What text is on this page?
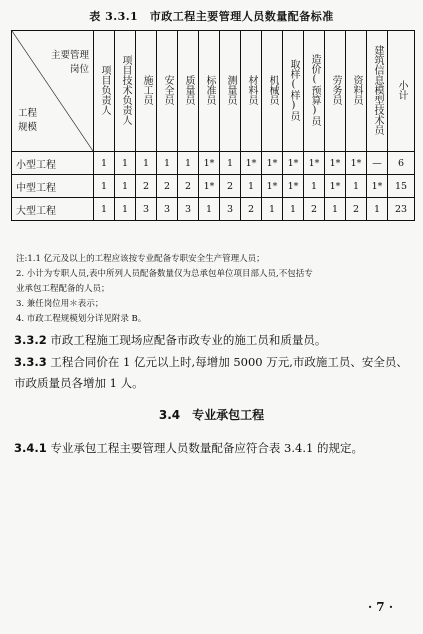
表 3.3.1　市政工程主要管理人员数量配备标准
主要管理
岗位
工程
规模	项目负责人	项目技术负责人	施工员	安全员	质量员	标准员	测量员	材料员	机械员	取样(样)员	造价(预算)员	劳务员	资料员	建筑信息模型技术员	小计
小型工程	1	1	1	1	1	1*	1	1*	1*	1*	1*	1*	1*	—	6
中型工程	1	1	2	2	2	1*	2	1	1*	1*	1	1*	1	1*	15
大型工程	1	1	3	3	3	1	3	2	1	1	2	1	2	1	23

注:1.1 亿元及以上的工程应该按专业配备专职安全生产管理人员；

2. 小计为专职人员,表中所列人员配备数量仅为总承包单位项目部人员,不包括专

业承包工程配备的人员；

3. 兼任岗位用＊表示；

4. 市政工程规模划分详见附录 B。

3.3.2 市政工程施工现场应配备市政专业的施工员和质量员。
3.3.3 工程合同价在 1 亿元以上时,每增加 5000 万元,市政施工员、安全员、市政质量员各增加 1 人。
3.4　专业承包工程
3.4.1 专业承包工程主要管理人员数量配备应符合表 3.4.1 的规定。
· 7 ·
